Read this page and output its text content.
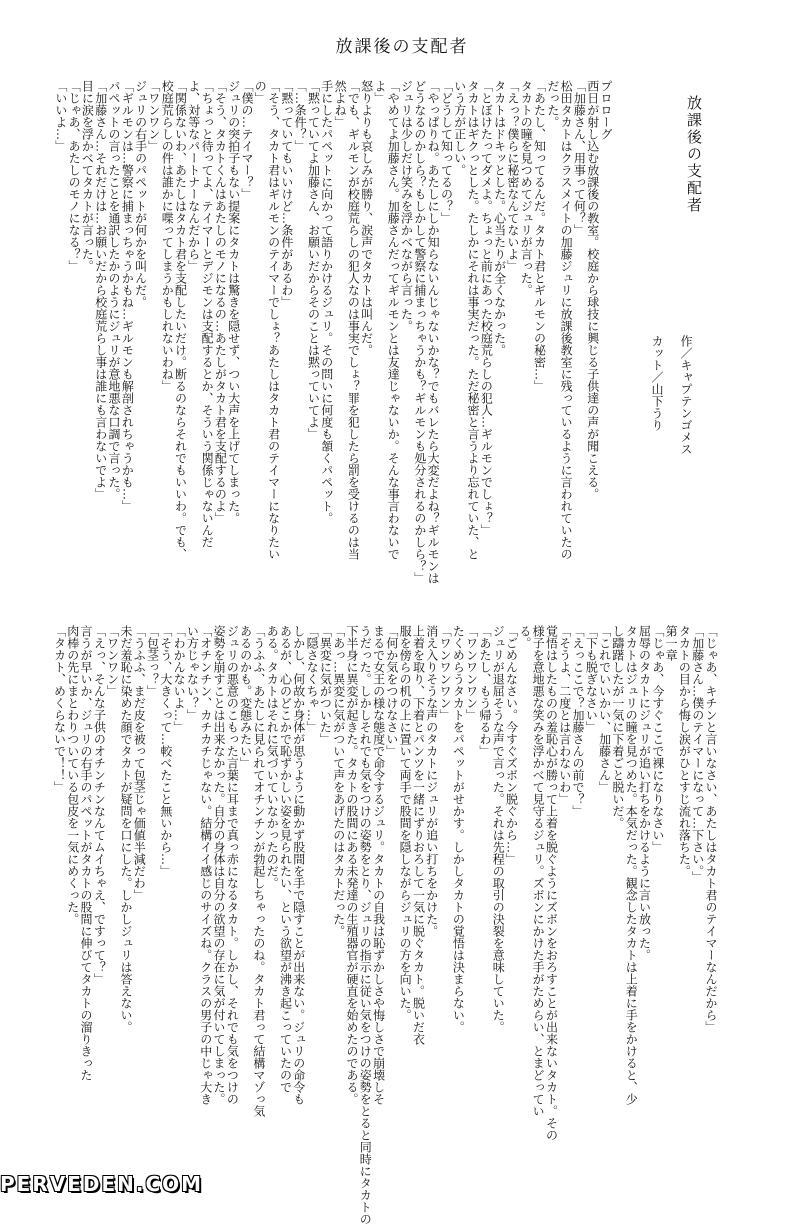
放課後の支配者
放課後の支配者

作／キャプテンゴメス

カット／山下うり

プロローグ

西日が射し込む放課後の教室。校庭から球技に興じる子供達の声が聞こえる。

「加藤さん、用事って何？」

松田タカトはクラスメイトの加藤ジュリに放課後教室に残っているように言われていたの

だった。

「あたし、知ってるんだ。タカト君とギルモンの秘密…」

タカトの瞳を見つめてジュリが言った。

「えっ？僕らに秘密なんてないよ」

タカトはドキッとした。心当たりが全くなかった。

「とぼけたってダメよ。ちょっと前にあった校庭荒らしの犯人…ギルモンでしょ？」

タカトはギクっとした。たしかにそれは事実だった。ただ秘密と言うより忘れていた、と

いう方が正しい。

「どうして知ってるの？」

「やっぱりね。あたしにしか知らないんじゃないかな？でもバレたら大変だよね？ギルモンは

どうなるのかしら？もしかして警察に捕まっちゃうかも？ギルモンも処分されるのかしら？」

ジュリは少しだけ笑みを浮かべながら言った。

「やめてよ加藤さん。加藤さんだってギルモンとは友達じゃないか。そんな事言わないで

よ」

怒りよりも哀しみが勝り、涙声でタカトは叫んだ。

「でも、ギルモンが校庭荒らしの犯人なのは事実でしょ？罪を犯したら罰を受けるのは当

然よね」

手にしたパペットに向かって語りかけるジュリ。その問いに何度も頷くパペット。

「黙っていてよ加藤さん、お願いだからそのことは黙っていてよ」

「…条件？」

「黙っていてもいいけど…条件があるわ」

「そう、タカト君はギルモンのテイマーでしょ？あたしはタカト君のテイマーになりたい

の」

「僕の…テイマー？」

ジュリの突拍子もない提案にタカトは驚きを隠せず、つい大声を上げてしまった。

「そう、タカトくんはあたしのモノになるの…あたしがタカト君を支配するのよ」

「ちょっと待ってよ、テイマーとデジモンは支配するとか、そういう関係じゃないんだ

よ、対等なパートナーなんだから」

「関係ないわ、あたしはタカト君を支配したいだけ。断るのならそれでもいいわ。でも、

校庭荒らしの件は誰かに喋ってしまうかもしれないわね」

「ワンワン」

ジュリの右手のパペットが何かを叫んだ。

「ギルモンは…警察に捕まっちゃうかもね…ギルモンも解剖されちゃうかも…」

パペットの言ったことを通訳したかのようにジュリが意地悪な口調で言った。

「加藤さん…それだけは…お願いだから校庭荒らし事は誰にも言わないでよ」

目に涙を浮かべてタカトが言った。

「じゃあ、あたしのモノになる？」

「いいよ…」

「じゃあ、キチンと言いなさい、あたしはタカト君のテイマーなんだから」

「加藤さん…僕のテイマーになって…下さい。」

タカトの目から悔し涙がひとすじ流れ落ちた。

第一章

「じゃあ、今すぐここで裸になりなさい」

屈辱のタカトにジュリが追い打ちをかけるように言い放った。

タカトはジュリの瞳を見つめた。本気だった。観念したタカトは上着に手をかけると、少

し躊躇したが一気に下着ごと脱いだ。

「これでいいかい、加藤さん」

「下も脱ぎなさい」

「えっここで？加藤さんの前で？」

「そうよ、二度とは言わないわ」

覚悟はしたものの羞恥心が勝って上着を脱ぐようにズボンをおろすことが出来ないタカト。その

様子を意地悪な笑みを浮かべて見守るジュリ。ズボンにかけた手がためらい、とまどってい

る。

「ごめんなさい。今すぐズボン脱ぐから…」

ジュリが退屈そうな声で言った。それは先程の取引の決裂を意味していた。

「あたし、もう帰るわ」

「ワンワンワン」

たくめらうタカトをパペットがせかす。しかしタカトの覚悟は決まらない。

「ワンワンワン」

消え入りそうな声のタカトにジュリが追い打ちをかけた。

上着を取り、下着とパンツを一緒にずりおろして一気に脱ぐタカト。脱いだ衣

服を傍らの机の上に置いて両手で股間を隠しながらジュリの方を向いた。

「何か気をつけなさい」

まるで女王の様な態度で命令するジュリ。タカトの自我は恥ずかしさや悔しさで崩壊しそ

うだった。しかしそれでも気をつけの姿勢をとり、ジュリの指示に従い気をつけの姿勢をとると同時にタカトの

下半身に異変が起きた。タカトの股間にある未発達の生殖器官が硬直を始めたのである。

「あっ…異変に気がついて声をあげたのはタカトだった。

「異変に気がついた」

「隠さなくちゃ…」

しかし、何故か身体が思うように動かず股間を手で隠すことが出来ない。ジュリの命令も

あるが、心のどこかで恥ずかしい姿を見られたい、という欲望が沸き起こっていたので

ある。タカトはそれに気づいていなかったのだ。

「うふふ、あたしに見られてオチンチンが勃起しちゃったのね。タカト君って結構マゾっ気

あるのかも。変態みたい」

ジュリの悪意のこもった言葉に耳まで真っ赤になるタカト。しかし、それでも気をつけの

姿勢を崩すことは出来なかった。自分の身体は自分の欲望の存在に気が付いてしまった。

「オチンチン、カチカチじゃない。結構イイ感じのサイズね。クラスの男子の中じゃ大き

い方じゃない？」

「わかんないよ…」

「そう、大きくって…較べたこと無いから…」

「包茎っ？」

「うふふ、まだ皮を被って包茎じゃ価値半減だわ」

未だ羞恥に染めた顔でタカトが疑問を口にした。しかしジュリは答えない。

「ワンワン」

「えっ、そんな子供のオチンチンなんてムイちゃえ、ですって？」

言うが早いか、ジュリの右手のパペットがタカトの股間に伸びてタカトの溜りきった

肉棒の先にまとわりついている包皮を一気にめくった。

「タカト、めくらないで！！」

PERVEDEN.COM
